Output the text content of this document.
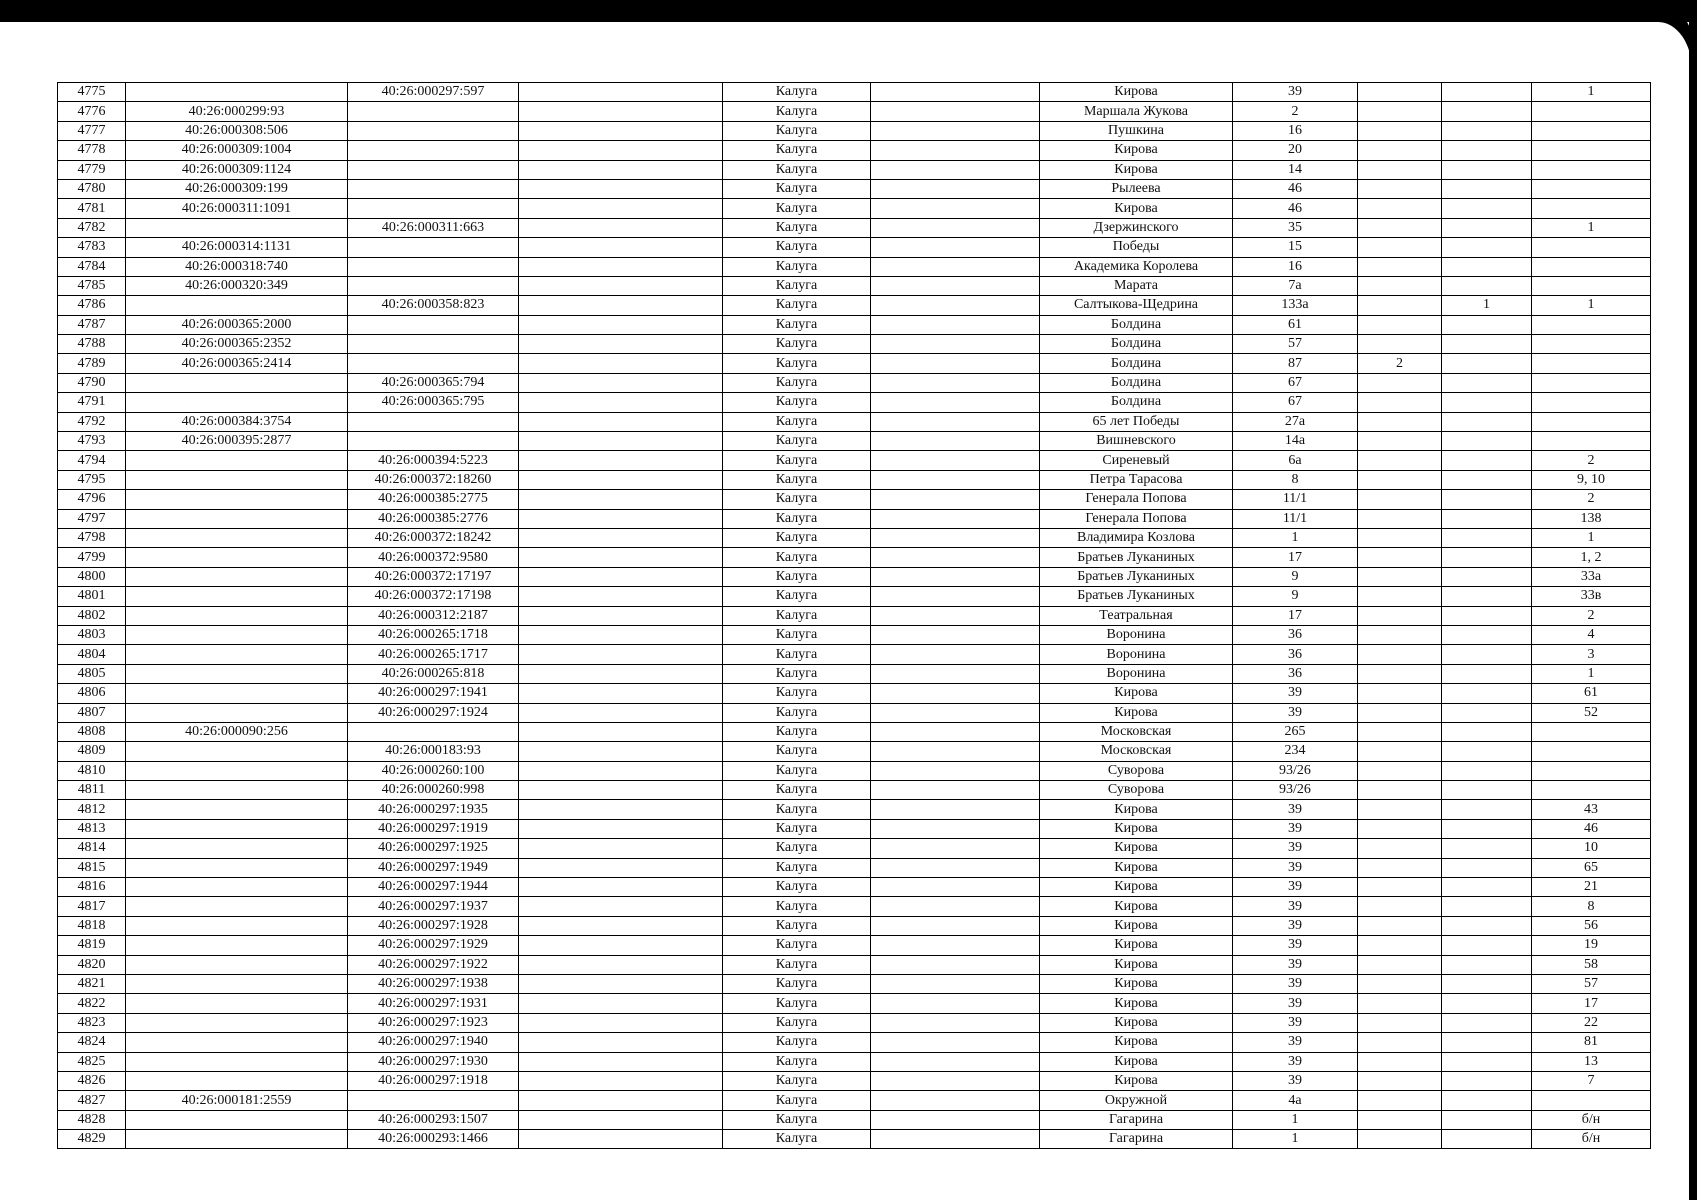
4775		40:26:000297:597		Калуга		Кирова	39			1
4776	40:26:000299:93			Калуга		Маршала Жукова	2			
4777	40:26:000308:506			Калуга		Пушкина	16			
4778	40:26:000309:1004			Калуга		Кирова	20			
4779	40:26:000309:1124			Калуга		Кирова	14			
4780	40:26:000309:199			Калуга		Рылеева	46			
4781	40:26:000311:1091			Калуга		Кирова	46			
4782		40:26:000311:663		Калуга		Дзержинского	35			1
4783	40:26:000314:1131			Калуга		Победы	15			
4784	40:26:000318:740			Калуга		Академика Королева	16			
4785	40:26:000320:349			Калуга		Марата	7а			
4786		40:26:000358:823		Калуга		Салтыкова-Щедрина	133а		1	1
4787	40:26:000365:2000			Калуга		Болдина	61			
4788	40:26:000365:2352			Калуга		Болдина	57			
4789	40:26:000365:2414			Калуга		Болдина	87	2		
4790		40:26:000365:794		Калуга		Болдина	67			
4791		40:26:000365:795		Калуга		Болдина	67			
4792	40:26:000384:3754			Калуга		65 лет Победы	27а			
4793	40:26:000395:2877			Калуга		Вишневского	14а			
4794		40:26:000394:5223		Калуга		Сиреневый	6а			2
4795		40:26:000372:18260		Калуга		Петра Тарасова	8			9, 10
4796		40:26:000385:2775		Калуга		Генерала Попова	11/1			2
4797		40:26:000385:2776		Калуга		Генерала Попова	11/1			138
4798		40:26:000372:18242		Калуга		Владимира Козлова	1			1
4799		40:26:000372:9580		Калуга		Братьев Луканиных	17			1, 2
4800		40:26:000372:17197		Калуга		Братьев Луканиных	9			33а
4801		40:26:000372:17198		Калуга		Братьев Луканиных	9			33в
4802		40:26:000312:2187		Калуга		Театральная	17			2
4803		40:26:000265:1718		Калуга		Воронина	36			4
4804		40:26:000265:1717		Калуга		Воронина	36			3
4805		40:26:000265:818		Калуга		Воронина	36			1
4806		40:26:000297:1941		Калуга		Кирова	39			61
4807		40:26:000297:1924		Калуга		Кирова	39			52
4808	40:26:000090:256			Калуга		Московская	265			
4809		40:26:000183:93		Калуга		Московская	234			
4810		40:26:000260:100		Калуга		Суворова	93/26			
4811		40:26:000260:998		Калуга		Суворова	93/26			
4812		40:26:000297:1935		Калуга		Кирова	39			43
4813		40:26:000297:1919		Калуга		Кирова	39			46
4814		40:26:000297:1925		Калуга		Кирова	39			10
4815		40:26:000297:1949		Калуга		Кирова	39			65
4816		40:26:000297:1944		Калуга		Кирова	39			21
4817		40:26:000297:1937		Калуга		Кирова	39			8
4818		40:26:000297:1928		Калуга		Кирова	39			56
4819		40:26:000297:1929		Калуга		Кирова	39			19
4820		40:26:000297:1922		Калуга		Кирова	39			58
4821		40:26:000297:1938		Калуга		Кирова	39			57
4822		40:26:000297:1931		Калуга		Кирова	39			17
4823		40:26:000297:1923		Калуга		Кирова	39			22
4824		40:26:000297:1940		Калуга		Кирова	39			81
4825		40:26:000297:1930		Калуга		Кирова	39			13
4826		40:26:000297:1918		Калуга		Кирова	39			7
4827	40:26:000181:2559			Калуга		Окружной	4а			
4828		40:26:000293:1507		Калуга		Гагарина	1			б/н
4829		40:26:000293:1466		Калуга		Гагарина	1			б/н
